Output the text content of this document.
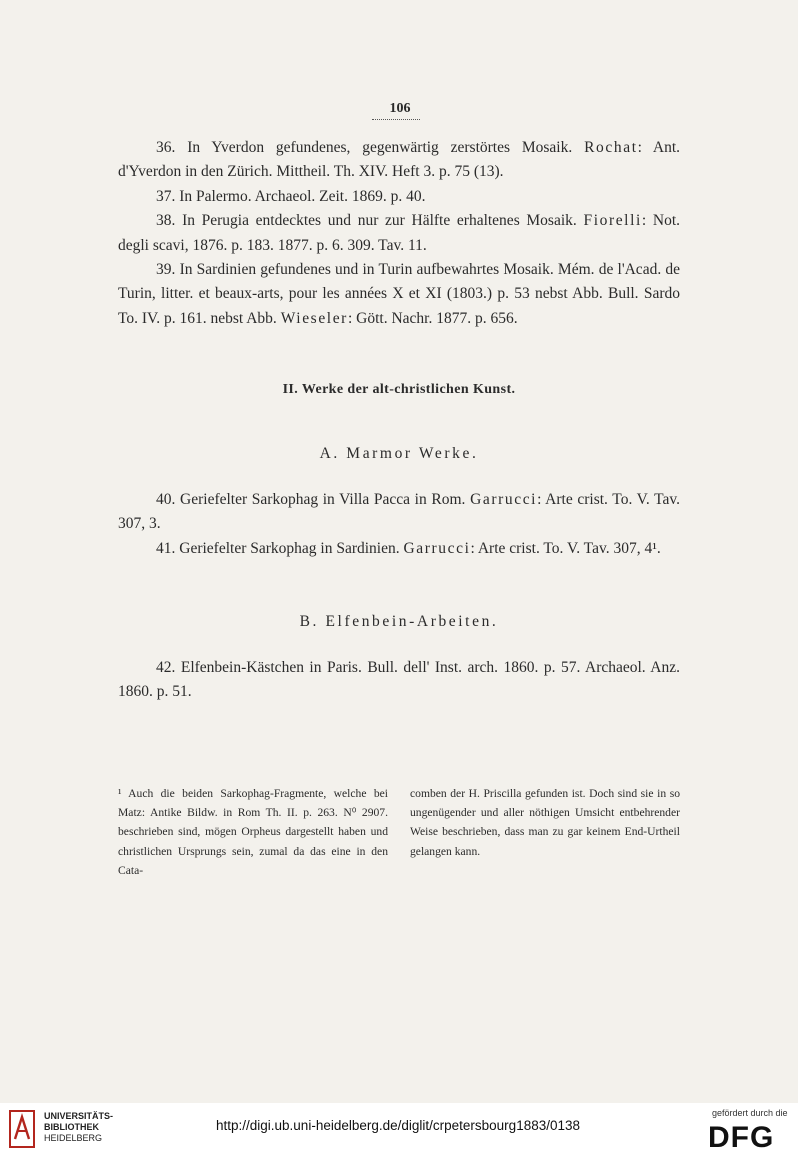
106

36. In Yverdon gefundenes, gegenwärtig zerstörtes Mosaik. Rochat: Ant. d'Yverdon in den Zürich. Mittheil. Th. XIV. Heft 3. p. 75 (13).

37. In Palermo. Archaeol. Zeit. 1869. p. 40.

38. In Perugia entdecktes und nur zur Hälfte erhaltenes Mosaik. Fiorelli: Not. degli scavi, 1876. p. 183. 1877. p. 6. 309. Tav. 11.

39. In Sardinien gefundenes und in Turin aufbewahrtes Mosaik. Mém. de l'Acad. de Turin, litter. et beaux-arts, pour les années X et XI (1803.) p. 53 nebst Abb. Bull. Sardo To. IV. p. 161. nebst Abb. Wieseler: Gött. Nachr. 1877. p. 656.

II. Werke der alt-christlichen Kunst.
A. Marmor Werke.

40. Geriefelter Sarkophag in Villa Pacca in Rom. Garrucci: Arte crist. To. V. Tav. 307, 3.

41. Geriefelter Sarkophag in Sardinien. Garrucci: Arte crist. To. V. Tav. 307, 4¹.

B. Elfenbein-Arbeiten.

42. Elfenbein-Kästchen in Paris. Bull. dell' Inst. arch. 1860. p. 57. Archaeol. Anz. 1860. p. 51.

¹ Auch die beiden Sarkophag-Fragmente, welche bei Matz: Antike Bildw. in Rom Th. II. p. 263. N⁰ 2907. beschrieben sind, mögen Orpheus dargestellt haben und christlichen Ursprungs sein, zumal da das eine in den Cata-
comben der H. Priscilla gefunden ist. Doch sind sie in so ungenügender und aller nöthigen Umsicht entbehrender Weise beschrieben, dass man zu gar keinem End-Urtheil gelangen kann.
UNIVERSITÄTS-
BIBLIOTHEK
HEIDELBERG
http://digi.ub.uni-heidelberg.de/diglit/crpetersbourg1883/0138
gefördert durch die
DFG
